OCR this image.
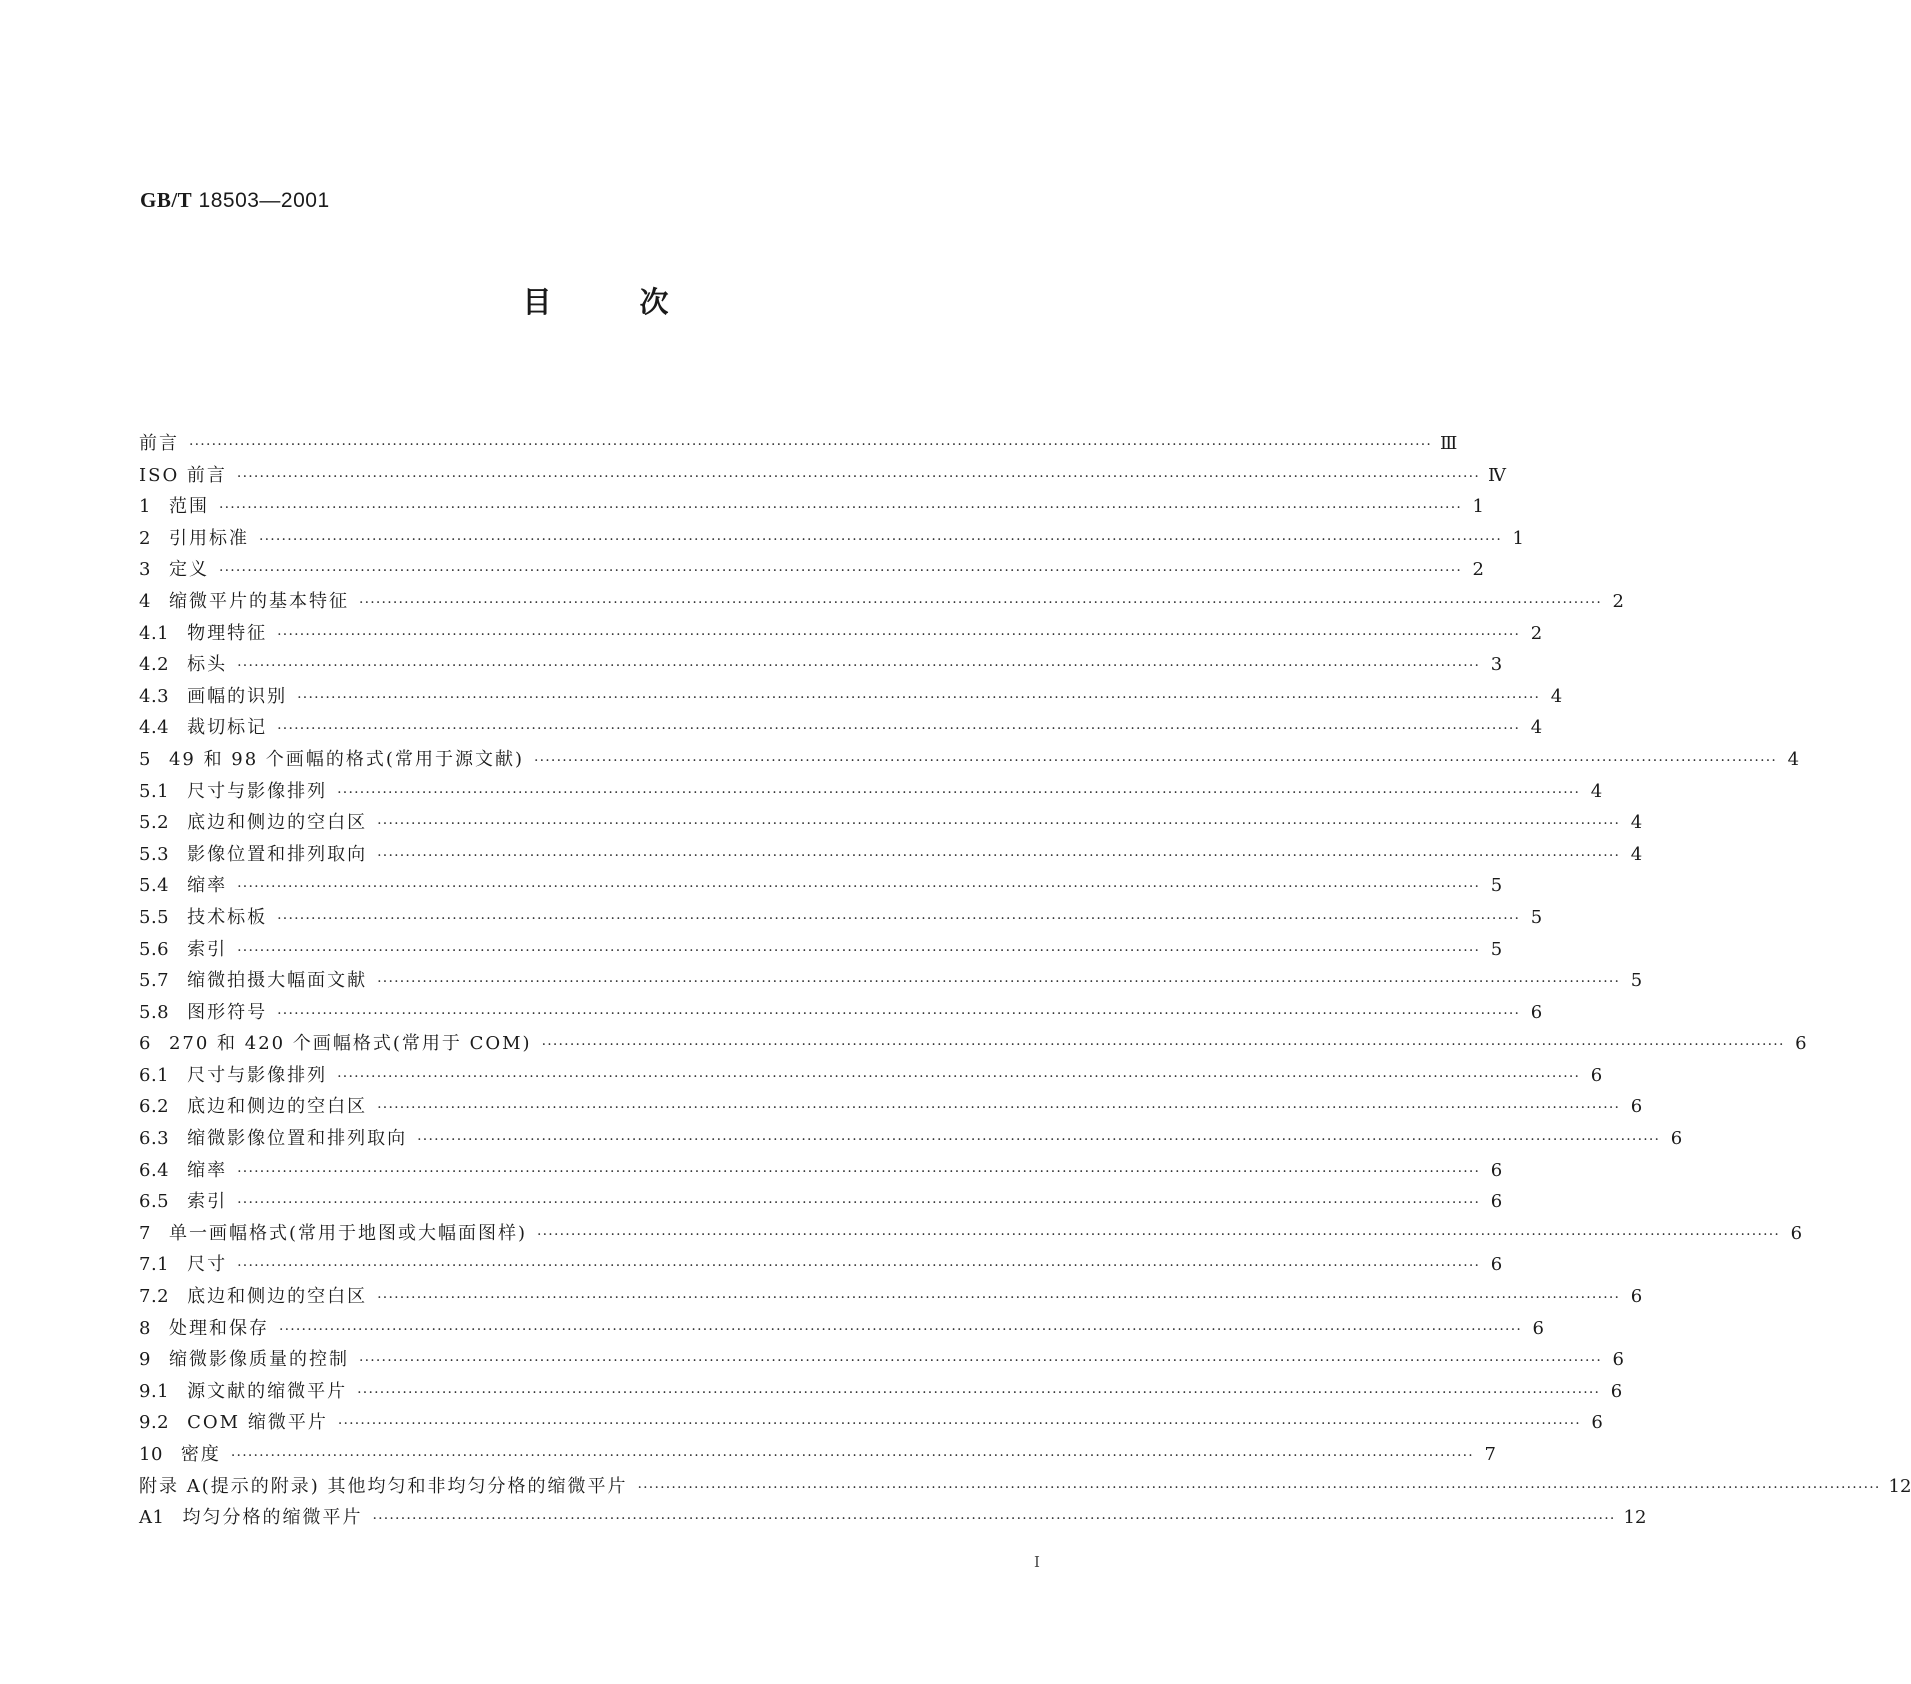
GB/T 18503—2001
目次
前言 ···························································································································································································································· Ⅲ
ISO 前言 ···························································································································································································································· Ⅳ
1 范围 ···························································································································································································································· 1
2 引用标准 ···························································································································································································································· 1
3 定义 ···························································································································································································································· 2
4 缩微平片的基本特征 ···························································································································································································································· 2
4.1 物理特征 ···························································································································································································································· 2
4.2 标头 ···························································································································································································································· 3
4.3 画幅的识别 ···························································································································································································································· 4
4.4 裁切标记 ···························································································································································································································· 4
5 49 和 98 个画幅的格式(常用于源文献) ···························································································································································································································· 4
5.1 尺寸与影像排列 ···························································································································································································································· 4
5.2 底边和侧边的空白区 ···························································································································································································································· 4
5.3 影像位置和排列取向 ···························································································································································································································· 4
5.4 缩率 ···························································································································································································································· 5
5.5 技术标板 ···························································································································································································································· 5
5.6 索引 ···························································································································································································································· 5
5.7 缩微拍摄大幅面文献 ···························································································································································································································· 5
5.8 图形符号 ···························································································································································································································· 6
6 270 和 420 个画幅格式(常用于 COM) ···························································································································································································································· 6
6.1 尺寸与影像排列 ···························································································································································································································· 6
6.2 底边和侧边的空白区 ···························································································································································································································· 6
6.3 缩微影像位置和排列取向 ···························································································································································································································· 6
6.4 缩率 ···························································································································································································································· 6
6.5 索引 ···························································································································································································································· 6
7 单一画幅格式(常用于地图或大幅面图样) ···························································································································································································································· 6
7.1 尺寸 ···························································································································································································································· 6
7.2 底边和侧边的空白区 ···························································································································································································································· 6
8 处理和保存 ···························································································································································································································· 6
9 缩微影像质量的控制 ···························································································································································································································· 6
9.1 源文献的缩微平片 ···························································································································································································································· 6
9.2 COM 缩微平片 ···························································································································································································································· 6
10 密度 ···························································································································································································································· 7
附录 A(提示的附录) 其他均匀和非均匀分格的缩微平片 ···························································································································································································································· 12
A1 均匀分格的缩微平片 ···························································································································································································································· 12
I
